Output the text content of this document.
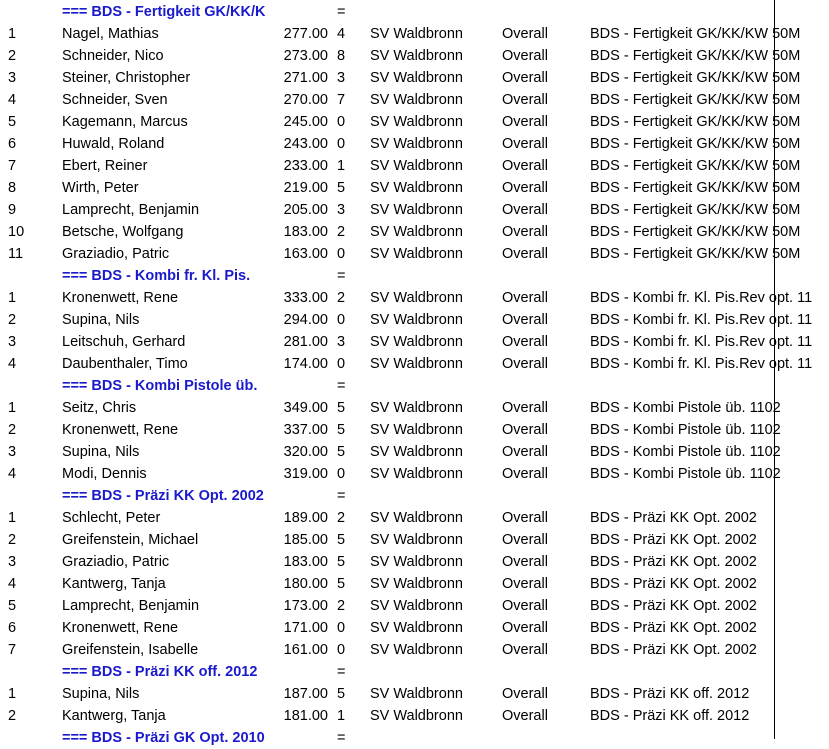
=== BDS - Fertigkeit GK/KK/K	=
1	Nagel, Mathias	277.00 4 SV Waldbronn	Overall	BDS - Fertigkeit GK/KK/KW 50M
2	Schneider, Nico	273.00 8 SV Waldbronn	Overall	BDS - Fertigkeit GK/KK/KW 50M
3	Steiner, Christopher	271.00 3 SV Waldbronn	Overall	BDS - Fertigkeit GK/KK/KW 50M
4	Schneider, Sven	270.00 7 SV Waldbronn	Overall	BDS - Fertigkeit GK/KK/KW 50M
5	Kagemann, Marcus	245.00 0 SV Waldbronn	Overall	BDS - Fertigkeit GK/KK/KW 50M
6	Huwald, Roland	243.00 0 SV Waldbronn	Overall	BDS - Fertigkeit GK/KK/KW 50M
7	Ebert, Reiner	233.00 1 SV Waldbronn	Overall	BDS - Fertigkeit GK/KK/KW 50M
8	Wirth, Peter	219.00 5 SV Waldbronn	Overall	BDS - Fertigkeit GK/KK/KW 50M
9	Lamprecht, Benjamin	205.00 3 SV Waldbronn	Overall	BDS - Fertigkeit GK/KK/KW 50M
10	Betsche, Wolfgang	183.00 2 SV Waldbronn	Overall	BDS - Fertigkeit GK/KK/KW 50M
11	Graziadio, Patric	163.00 0 SV Waldbronn	Overall	BDS - Fertigkeit GK/KK/KW 50M
=== BDS - Kombi fr. Kl. Pis.	=
1	Kronenwett, Rene	333.00 2 SV Waldbronn	Overall	BDS - Kombi fr. Kl. Pis.Rev opt. 11
2	Supina, Nils	294.00 0 SV Waldbronn	Overall	BDS - Kombi fr. Kl. Pis.Rev opt. 11
3	Leitschuh, Gerhard	281.00 3 SV Waldbronn	Overall	BDS - Kombi fr. Kl. Pis.Rev opt. 11
4	Daubenthaler, Timo	174.00 0 SV Waldbronn	Overall	BDS - Kombi fr. Kl. Pis.Rev opt. 11
=== BDS - Kombi Pistole üb.	=
1	Seitz, Chris	349.00 5 SV Waldbronn	Overall	BDS - Kombi Pistole üb. 1102
2	Kronenwett, Rene	337.00 5 SV Waldbronn	Overall	BDS - Kombi Pistole üb. 1102
3	Supina, Nils	320.00 5 SV Waldbronn	Overall	BDS - Kombi Pistole üb. 1102
4	Modi, Dennis	319.00 0 SV Waldbronn	Overall	BDS - Kombi Pistole üb. 1102
=== BDS - Präzi KK Opt. 2002	=
1	Schlecht, Peter	189.00 2 SV Waldbronn	Overall	BDS - Präzi KK Opt. 2002
2	Greifenstein, Michael	185.00 5 SV Waldbronn	Overall	BDS - Präzi KK Opt. 2002
3	Graziadio, Patric	183.00 5 SV Waldbronn	Overall	BDS - Präzi KK Opt. 2002
4	Kantwerg, Tanja	180.00 5 SV Waldbronn	Overall	BDS - Präzi KK Opt. 2002
5	Lamprecht, Benjamin	173.00 2 SV Waldbronn	Overall	BDS - Präzi KK Opt. 2002
6	Kronenwett, Rene	171.00 0 SV Waldbronn	Overall	BDS - Präzi KK Opt. 2002
7	Greifenstein, Isabelle	161.00 0 SV Waldbronn	Overall	BDS - Präzi KK Opt. 2002
=== BDS - Präzi KK off. 2012	=
1	Supina, Nils	187.00 5 SV Waldbronn	Overall	BDS - Präzi KK off. 2012
2	Kantwerg, Tanja	181.00 1 SV Waldbronn	Overall	BDS - Präzi KK off. 2012
=== BDS - Präzi GK Opt. 2010	=
